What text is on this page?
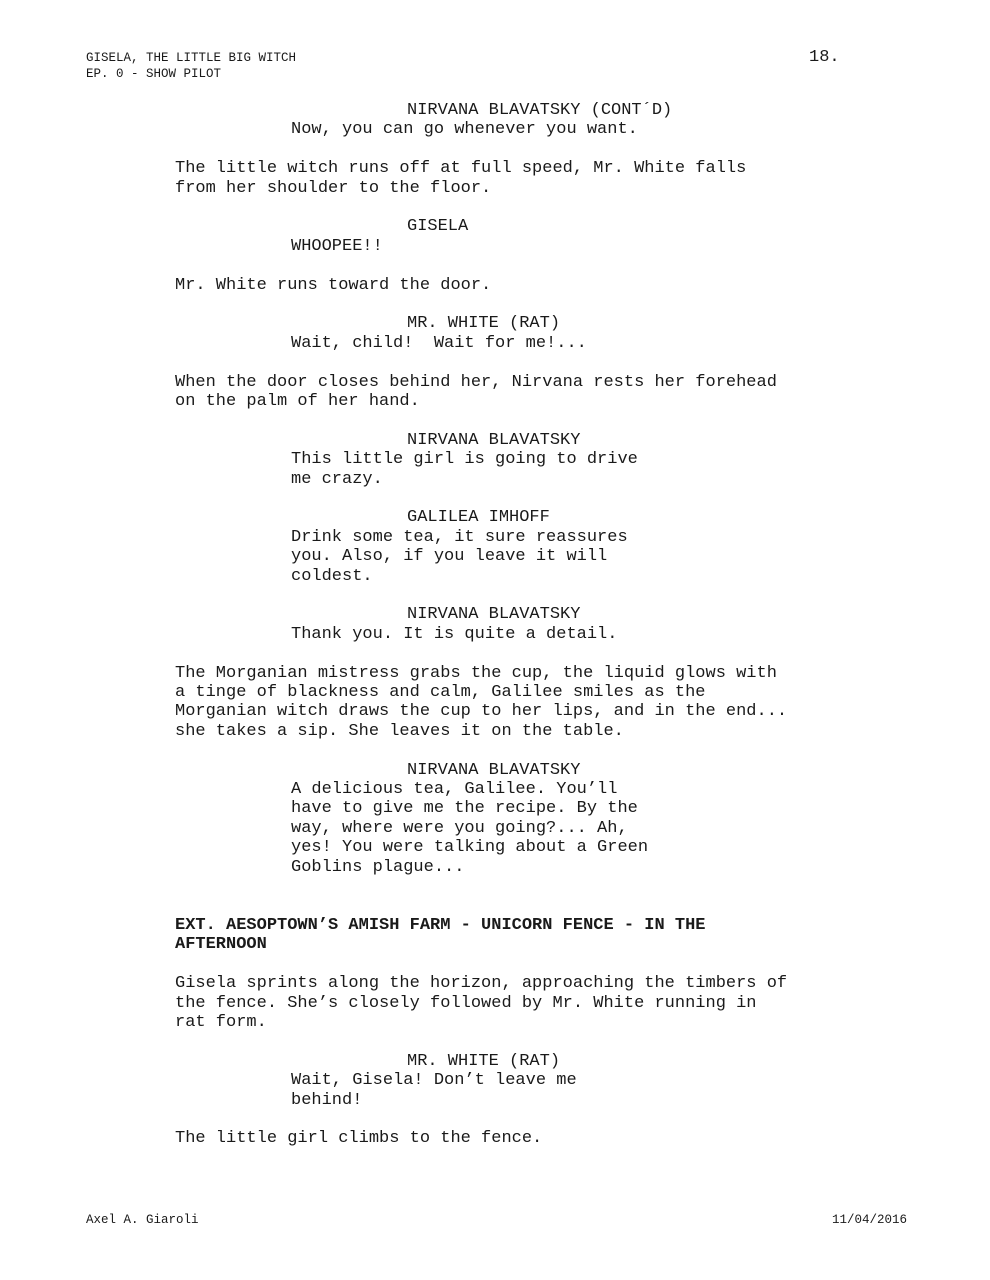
GISELA, THE LITTLE BIG WITCH
EP. 0 - SHOW PILOT
18.
NIRVANA BLAVATSKY (CONT´D)
Now, you can go whenever you want.
The little witch runs off at full speed, Mr. White falls
from her shoulder to the floor.
GISELA
WHOOPEE!!
Mr. White runs toward the door.
MR. WHITE (RAT)
Wait, child!  Wait for me!...
When the door closes behind her, Nirvana rests her forehead
on the palm of her hand.
NIRVANA BLAVATSKY
This little girl is going to drive
me crazy.
GALILEA IMHOFF
Drink some tea, it sure reassures
you. Also, if you leave it will
coldest.
NIRVANA BLAVATSKY
Thank you. It is quite a detail.
The Morganian mistress grabs the cup, the liquid glows with
a tinge of blackness and calm, Galilee smiles as the
Morganian witch draws the cup to her lips, and in the end...
she takes a sip. She leaves it on the table.
NIRVANA BLAVATSKY
A delicious tea, Galilee. You’ll
have to give me the recipe. By the
way, where were you going?... Ah,
yes! You were talking about a Green
Goblins plague...
EXT. AESOPTOWN’S AMISH FARM - UNICORN FENCE - IN THE
AFTERNOON
Gisela sprints along the horizon, approaching the timbers of
the fence. She’s closely followed by Mr. White running in
rat form.
MR. WHITE (RAT)
Wait, Gisela! Don’t leave me
behind!
The little girl climbs to the fence.
Axel A. Giaroli	11/04/2016
